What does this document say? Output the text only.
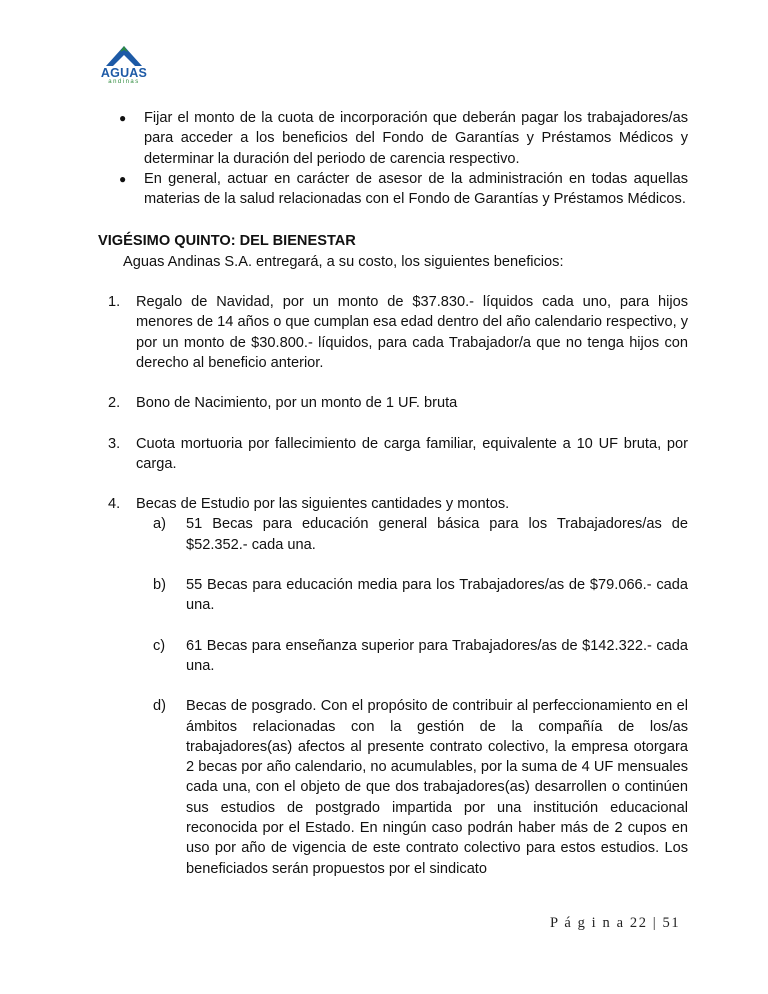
AGUAS
andinas
● Fijar el monto de la cuota de incorporación que deberán pagar los trabajadores/as para acceder a los beneficios del Fondo de Garantías y Préstamos Médicos y determinar la duración del periodo de carencia respectivo.
● En general, actuar en carácter de asesor de la administración en todas aquellas materias de la salud relacionadas con el Fondo de Garantías y Préstamos Médicos.
VIGÉSIMO QUINTO: DEL BIENESTAR
Aguas Andinas S.A. entregará, a su costo, los siguientes beneficios:
1. Regalo de Navidad, por un monto de $37.830.- líquidos cada uno, para hijos menores de 14 años o que cumplan esa edad dentro del año calendario respectivo, y por un monto de $30.800.- líquidos, para cada Trabajador/a que no tenga hijos con derecho al beneficio anterior.
2. Bono de Nacimiento, por un monto de 1 UF. bruta
3. Cuota mortuoria por fallecimiento de carga familiar, equivalente a 10 UF bruta, por carga.
4. Becas de Estudio por las siguientes cantidades y montos.
a) 51 Becas para educación general básica para los Trabajadores/as de $52.352.- cada una.
b) 55 Becas para educación media para los Trabajadores/as de $79.066.- cada una.
c) 61 Becas para enseñanza superior para Trabajadores/as de $142.322.- cada una.
d) Becas de posgrado. Con el propósito de contribuir al perfeccionamiento en el ámbitos relacionadas con la gestión de la compañía de los/as trabajadores(as) afectos al presente contrato colectivo, la empresa otorgara 2 becas por año calendario, no acumulables, por la suma de 4 UF mensuales cada una, con el objeto de que dos trabajadores(as) desarrollen o continúen sus estudios de postgrado impartida por una institución educacional reconocida por el Estado. En ningún caso podrán haber más de 2 cupos en uso por año de vigencia de este contrato colectivo para estos estudios. Los beneficiados serán propuestos por el sindicato
P á g i n a 22 | 51
